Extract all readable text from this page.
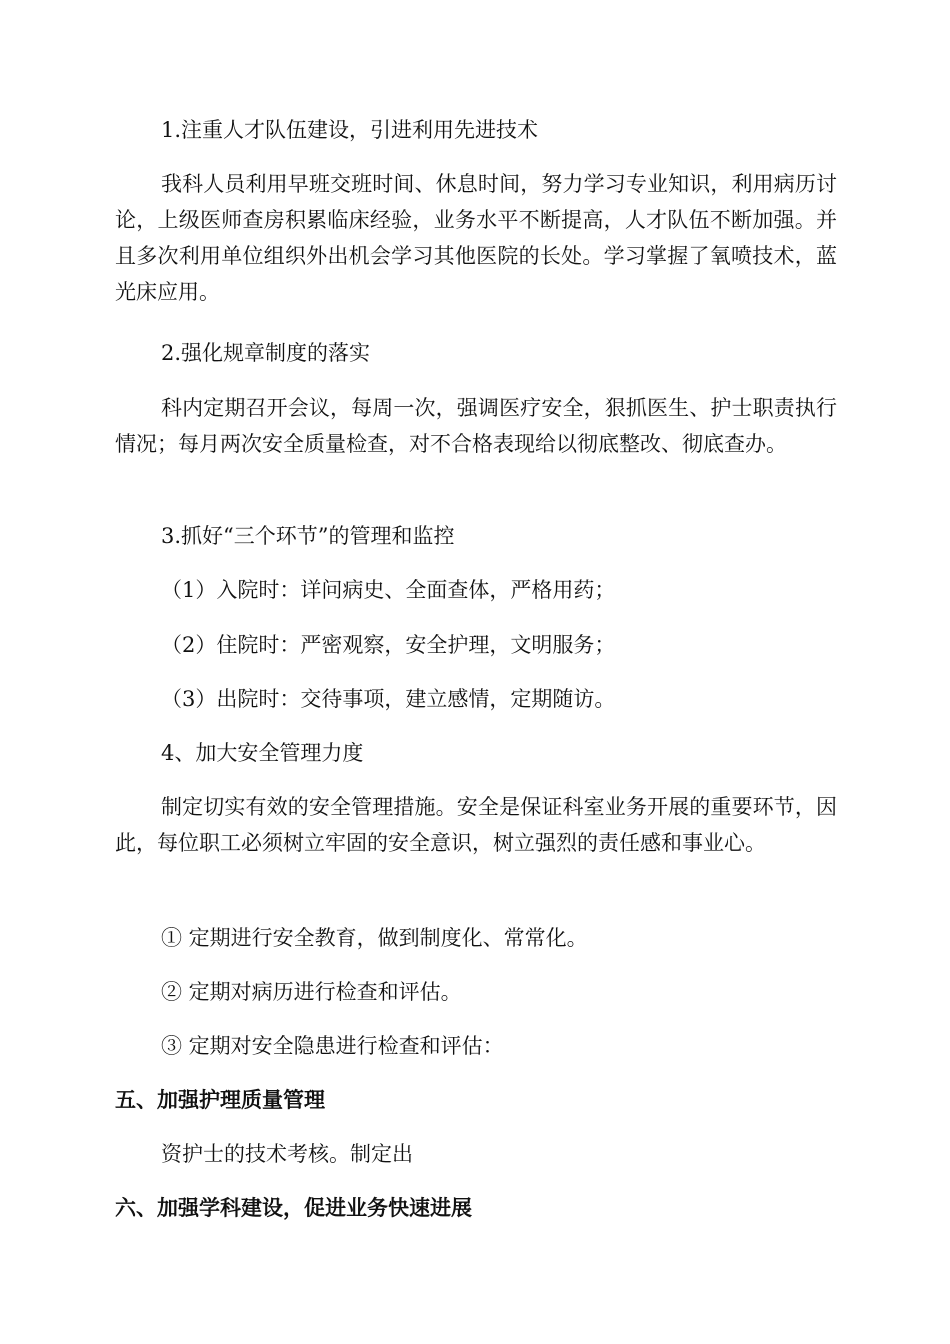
1.注重人才队伍建设，引进利用先进技术

我科人员利用早班交班时间、休息时间，努力学习专业知识，利用病历讨论，上级医师查房积累临床经验，业务水平不断提高，人才队伍不断加强。并且多次利用单位组织外出机会学习其他医院的长处。学习掌握了氧喷技术，蓝光床应用。

2.强化规章制度的落实

科内定期召开会议，每周一次，强调医疗安全，狠抓医生、护士职责执行情况；每月两次安全质量检查，对不合格表现给以彻底整改、彻底查办。

3.抓好“三个环节”的管理和监控

（1）入院时：详问病史、全面查体，严格用药；

（2）住院时：严密观察，安全护理，文明服务；

（3）出院时：交待事项，建立感情，定期随访。

4、加大安全管理力度

制定切实有效的安全管理措施。安全是保证科室业务开展的重要环节，因此，每位职工必须树立牢固的安全意识，树立强烈的责任感和事业心。

① 定期进行安全教育，做到制度化、常常化。

② 定期对病历进行检查和评估。

③ 定期对安全隐患进行检查和评估：

五、加强护理质量管理

资护士的技术考核。制定出

六、加强学科建设，促进业务快速进展
